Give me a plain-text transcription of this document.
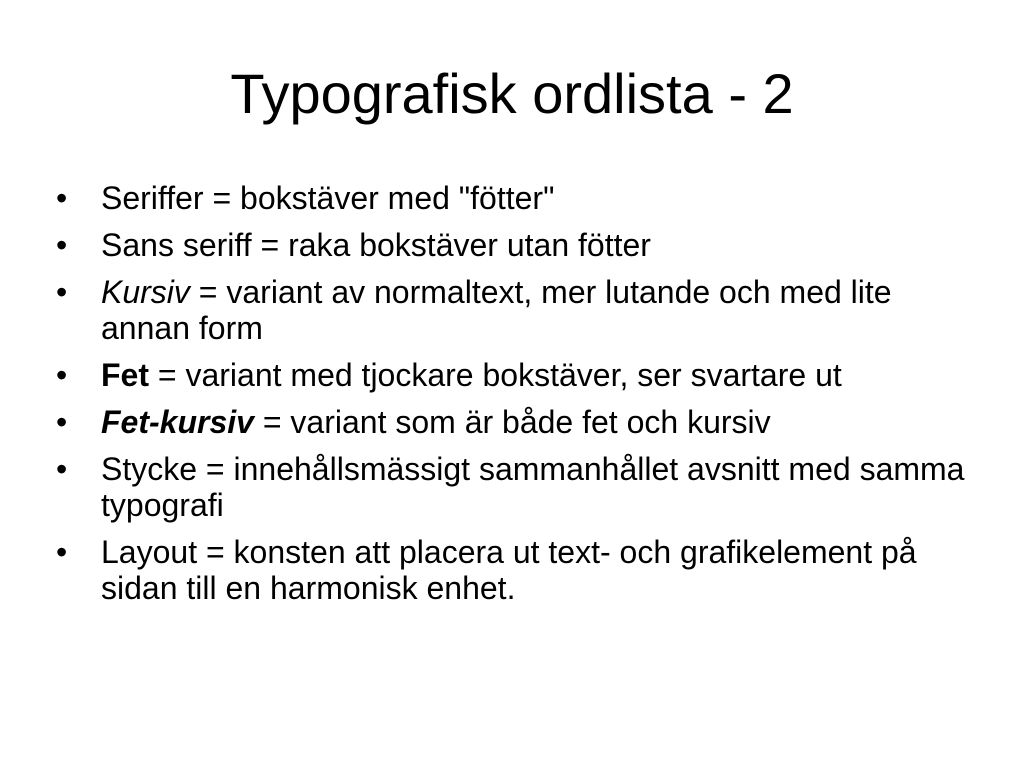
Typografisk ordlista - 2
•	Seriffer = bokstäver med "fötter"
•	Sans seriff = raka bokstäver utan fötter
•	Kursiv = variant av normaltext, mer lutande och med lite annan form
•	Fet = variant med tjockare bokstäver, ser svartare ut
•	Fet-kursiv = variant som är både fet och kursiv
•	Stycke = innehållsmässigt sammanhållet avsnitt med samma typografi
•	Layout = konsten att placera ut text- och grafikelement på sidan till en harmonisk enhet.
